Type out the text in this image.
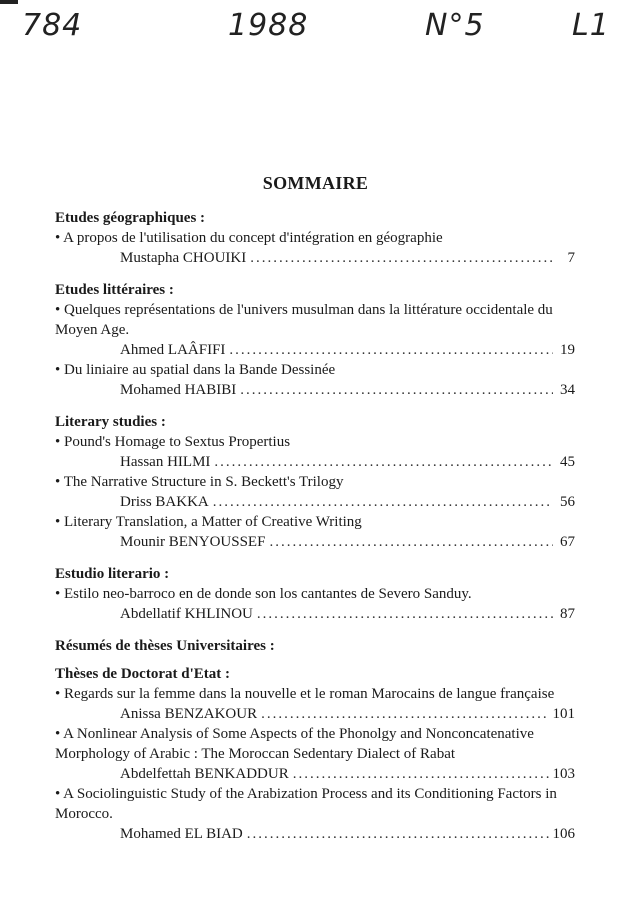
784	1988	N°5	L1
SOMMAIRE
Etudes géographiques :
• A propos de l'utilisation du concept d'intégration en géographie
Mustapha CHOUIKI .....	7
Etudes littéraires :
• Quelques représentations de l'univers musulman dans la littérature occidentale du Moyen Age.
Ahmed LAÂFIFI .....	19
• Du liniaire au spatial dans la Bande Dessinée
Mohamed HABIBI .....	34
Literary studies :
• Pound's Homage to Sextus Propertius
Hassan HILMI .....	45
• The Narrative Structure in S. Beckett's Trilogy
Driss BAKKA .....	56
• Literary Translation, a Matter of Creative Writing
Mounir BENYOUSSEF .....	67
Estudio literario :
• Estilo neo-barroco en de donde son los cantantes de Severo Sanduy.
Abdellatif KHLINOU .....	87
Résumés de thèses Universitaires :
Thèses de Doctorat d'Etat :
• Regards sur la femme dans la nouvelle et le roman Marocains de langue française
Anissa BENZAKOUR .....	101
• A Nonlinear Analysis of Some Aspects of the Phonolgy and Nonconcatenative Morphology of Arabic : The Moroccan Sedentary Dialect of Rabat
Abdelfettah BENKADDUR .....	103
• A Sociolinguistic Study of the Arabization Process and its Conditioning Factors in Morocco.
Mohamed EL BIAD .....	106
